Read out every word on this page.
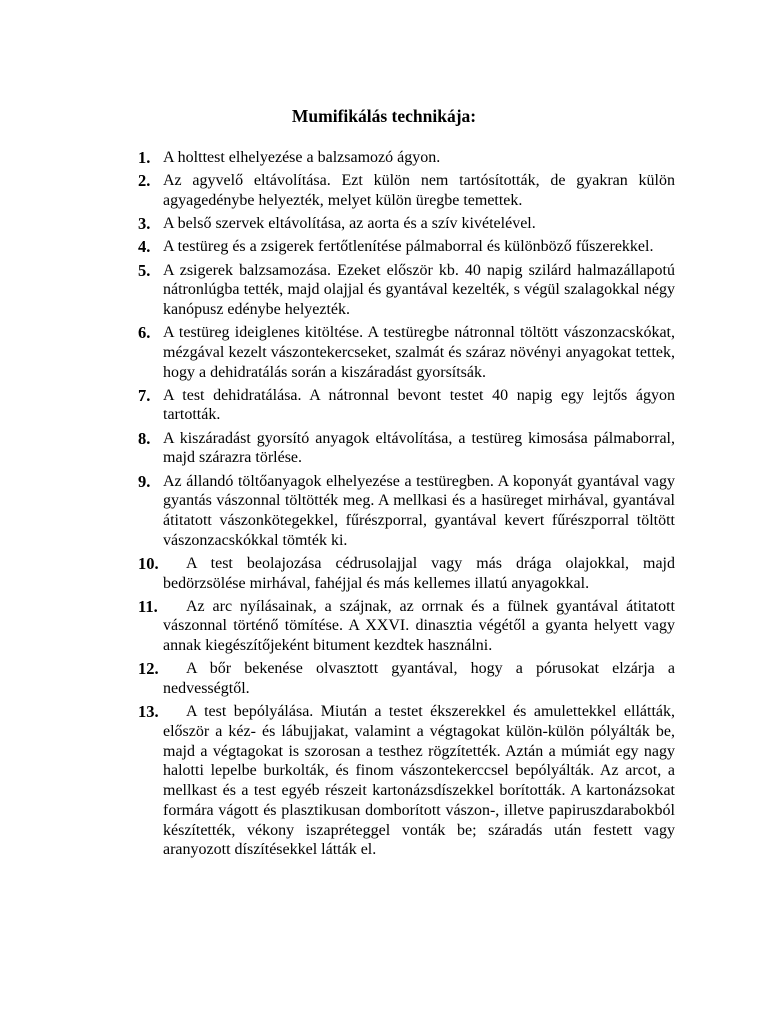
Mumifikálás technikája:
1. A holttest elhelyezése a balzsamozó ágyon.
2. Az agyvelő eltávolítása. Ezt külön nem tartósították, de gyakran külön agyagedénybe helyezték, melyet külön üregbe temettek.
3. A belső szervek eltávolítása, az aorta és a szív kivételével.
4. A testüreg és a zsigerek fertőtlenítése pálmaborral és különböző fűszerekkel.
5. A zsigerek balzsamozása. Ezeket először kb. 40 napig szilárd halmazállapotú nátronlúgba tették, majd olajjal és gyantával kezelték, s végül szalagokkal négy kanópusz edénybe helyezték.
6. A testüreg ideiglenes kitöltése. A testüregbe nátronnal töltött vászonzacskókat, mézgával kezelt vászontekercseket, szalmát és száraz növényi anyagokat tettek, hogy a dehidratálás során a kiszáradást gyorsítsák.
7. A test dehidratálása. A nátronnal bevont testet 40 napig egy lejtős ágyon tartották.
8. A kiszáradást gyorsító anyagok eltávolítása, a testüreg kimosása pálmaborral, majd szárazra törlése.
9. Az állandó töltőanyagok elhelyezése a testüregben. A koponyát gyantával vagy gyantás vászonnal töltötték meg. A mellkasi és a hasüreget mirhával, gyantával átitatott vászonkötegekkel, fűrészporral, gyantával kevert fűrészporral töltött vászonzacskókkal tömték ki.
10.	A test beolajozása cédrusolajjal vagy más drága olajokkal, majd bedörzsölése mirhával, fahéjjal és más kellemes illatú anyagokkal.
11.	Az arc nyílásainak, a szájnak, az orrnak és a fülnek gyantával átitatott vászonnal történő tömítése. A XXVI. dinasztia végétől a gyanta helyett vagy annak kiegészítőjeként bitument kezdtek használni.
12.	A bőr bekenése olvasztott gyantával, hogy a pórusokat elzárja a nedvességtől.
13.	A test bepólyálása. Miután a testet ékszerekkel és amulettekkel ellátták, először a kéz- és lábujjakat, valamint a végtagokat külön-külön pólyálták be, majd a végtagokat is szorosan a testhez rögzítették. Aztán a múmiát egy nagy halotti lepelbe burkolták, és finom vászontekerccsel bepólyálták. Az arcot, a mellkast és a test egyéb részeit kartonázsdíszekkel borították. A kartonázsokat formára vágott és plasztikusan domborított vászon-, illetve papiruszdarabokból készítették, vékony iszapréteggel vonták be; száradás után festett vagy aranyozott díszítésekkel látták el.
